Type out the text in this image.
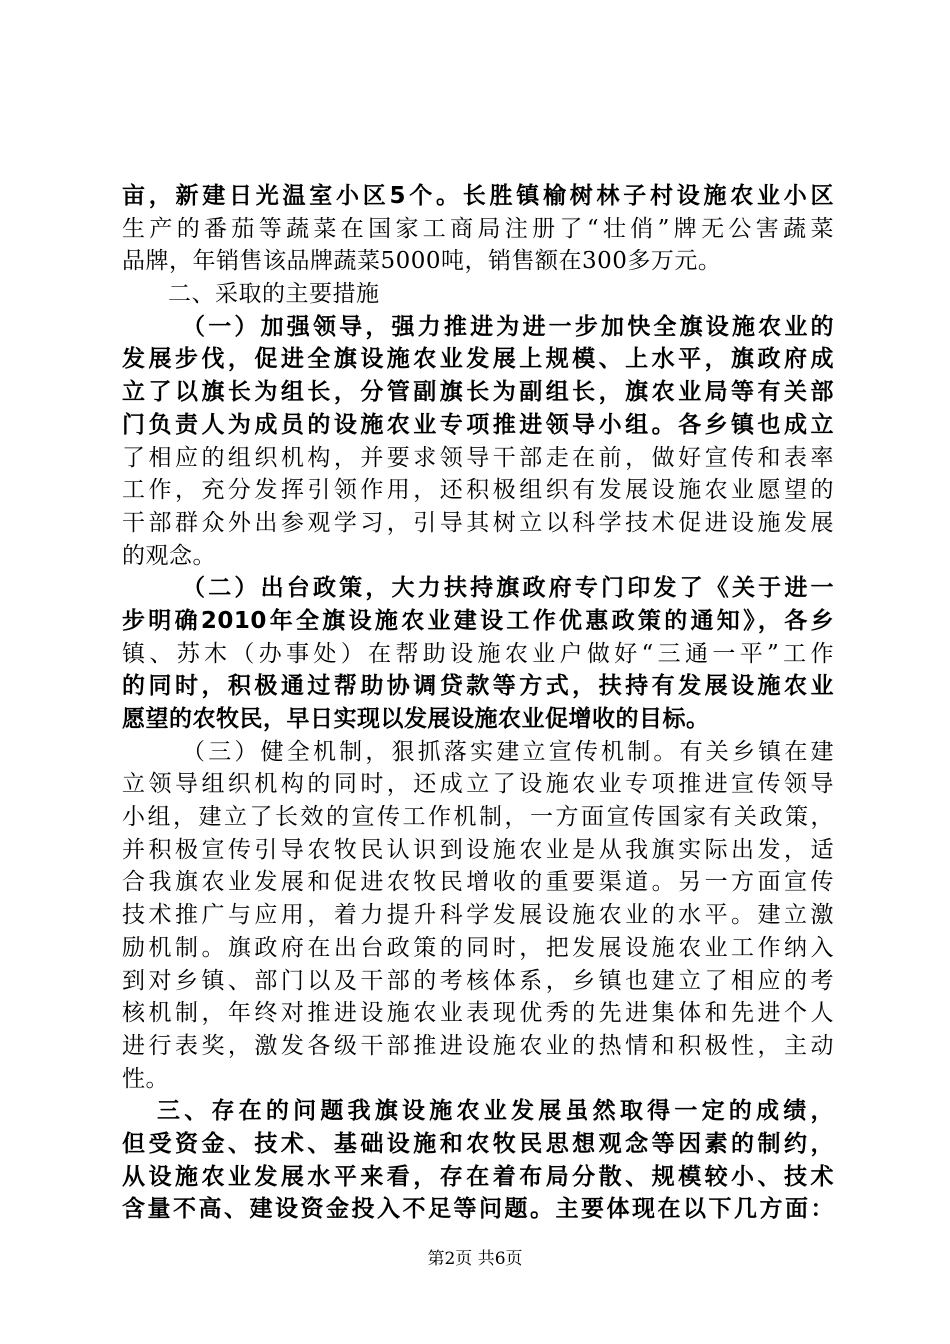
亩，新建日光温室小区5个。长胜镇榆树林子村设施农业小区
生产的番茄等蔬菜在国家工商局注册了“壮俏”牌无公害蔬菜
品牌，年销售该品牌蔬菜5000吨，销售额在300多万元。
二、采取的主要措施
（一）加强领导，强力推进为进一步加快全旗设施农业的
发展步伐，促进全旗设施农业发展上规模、上水平，旗政府成
立了以旗长为组长，分管副旗长为副组长，旗农业局等有关部
门负责人为成员的设施农业专项推进领导小组。各乡镇也成立
了相应的组织机构，并要求领导干部走在前，做好宣传和表率
工作，充分发挥引领作用，还积极组织有发展设施农业愿望的
干部群众外出参观学习，引导其树立以科学技术促进设施发展
的观念。
（二）出台政策，大力扶持旗政府专门印发了《关于进一
步明确2010年全旗设施农业建设工作优惠政策的通知》，各乡
镇、苏木（办事处）在帮助设施农业户做好“三通一平”工作
的同时，积极通过帮助协调贷款等方式，扶持有发展设施农业
愿望的农牧民，早日实现以发展设施农业促增收的目标。
（三）健全机制，狠抓落实建立宣传机制。有关乡镇在建
立领导组织机构的同时，还成立了设施农业专项推进宣传领导
小组，建立了长效的宣传工作机制，一方面宣传国家有关政策，
并积极宣传引导农牧民认识到设施农业是从我旗实际出发，适
合我旗农业发展和促进农牧民增收的重要渠道。另一方面宣传
技术推广与应用，着力提升科学发展设施农业的水平。建立激
励机制。旗政府在出台政策的同时，把发展设施农业工作纳入
到对乡镇、部门以及干部的考核体系，乡镇也建立了相应的考
核机制，年终对推进设施农业表现优秀的先进集体和先进个人
进行表奖，激发各级干部推进设施农业的热情和积极性，主动
性。
三、存在的问题我旗设施农业发展虽然取得一定的成绩，
但受资金、技术、基础设施和农牧民思想观念等因素的制约，
从设施农业发展水平来看，存在着布局分散、规模较小、技术
含量不高、建设资金投入不足等问题。主要体现在以下几方面：
第2页 共6页
